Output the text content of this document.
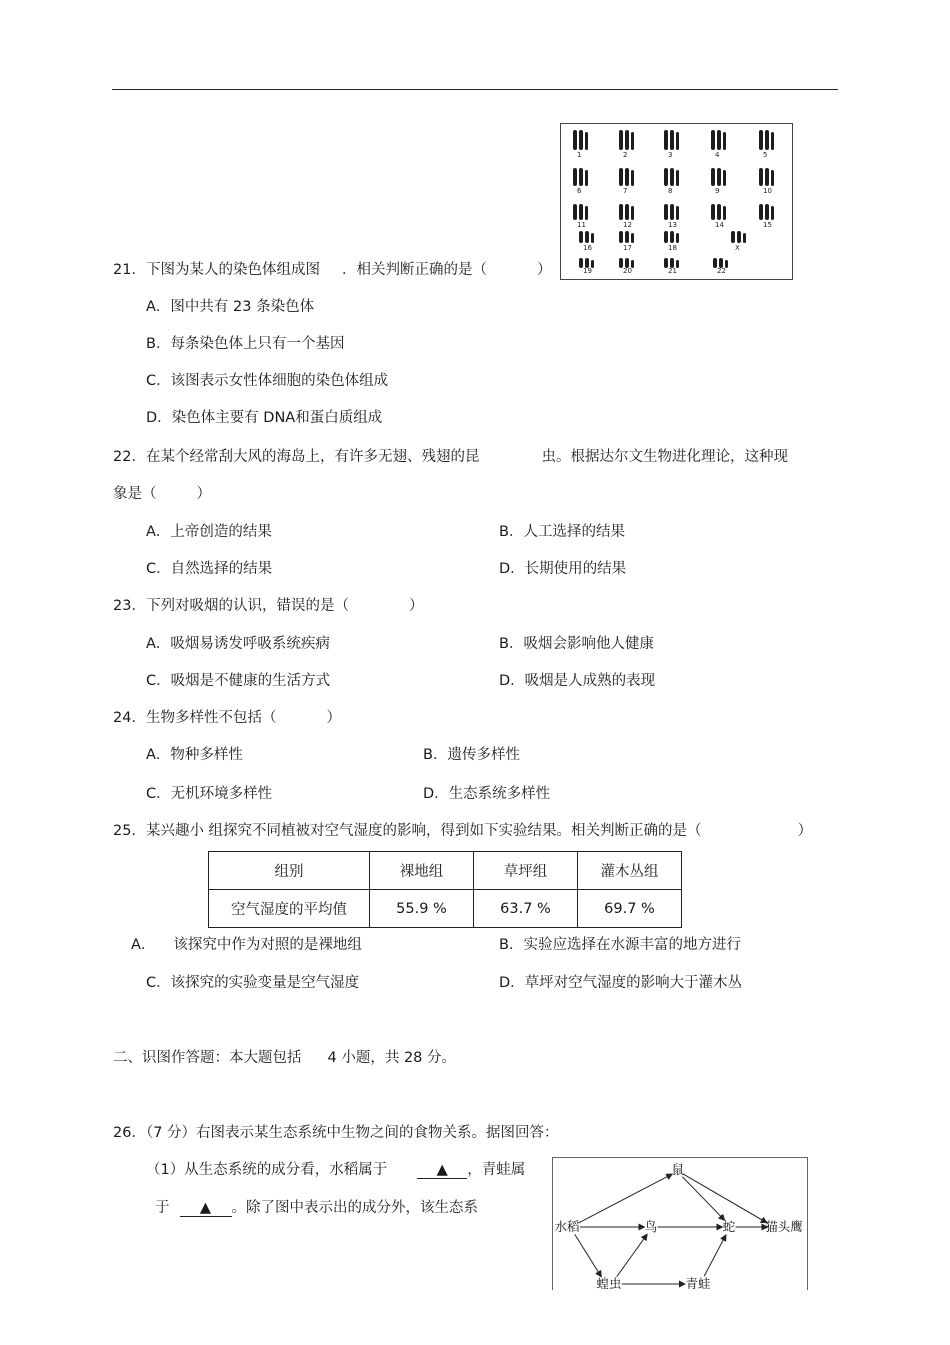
1	2	3	4	5
6	7	8	9	10
11	12	13	14	15
16	17	18	X
19	20	21	22
21．下图为某人的染色体组成图 ．相关判断正确的是（	）
A．图中共有 23 条染色体
B．每条染色体上只有一个基因
C．该图表示女性体细胞的染色体组成
D．染色体主要有 DNA和蛋白质组成
22．在某个经常刮大风的海岛上，有许多无翅、残翅的昆	虫。根据达尔文生物进化理论，这种现
象是（	）
A．上帝创造的结果	B．人工选择的结果
C．自然选择的结果	D．长期使用的结果
23．下列对吸烟的认识，错误的是（	）
A．吸烟易诱发呼吸系统疾病	B．吸烟会影响他人健康
C．吸烟是不健康的生活方式	D．吸烟是人成熟的表现
24．生物多样性不包括（	）
A．物种多样性	B．遗传多样性
C．无机环境多样性	D．生态系统多样性
25．某兴趣小 组探究不同植被对空气湿度的影响，得到如下实验结果。相关判断正确的是（	）
组别	裸地组	草坪组	灌木丛组
空气湿度的平均值	55.9 %	63.7 %	69.7 %
A． 该探究中作为对照的是裸地组	B．实验应选择在水源丰富的地方进行
C．该探究的实验变量是空气湿度	D．草坪对空气湿度的影响大于灌木丛
二、识图作答题：本大题包括 4 小题，共 28 分。
26．（7 分）右图表示某生态系统中生物之间的食物关系。据图回答：
（1）从生态系统的成分看，水稻属于	▲ ，青蛙属
于 ▲ 。除了图中表示出的成分外，该生态系
鼠
水稻	鸟	蛇 猫头鹰
蝗虫	青蛙
